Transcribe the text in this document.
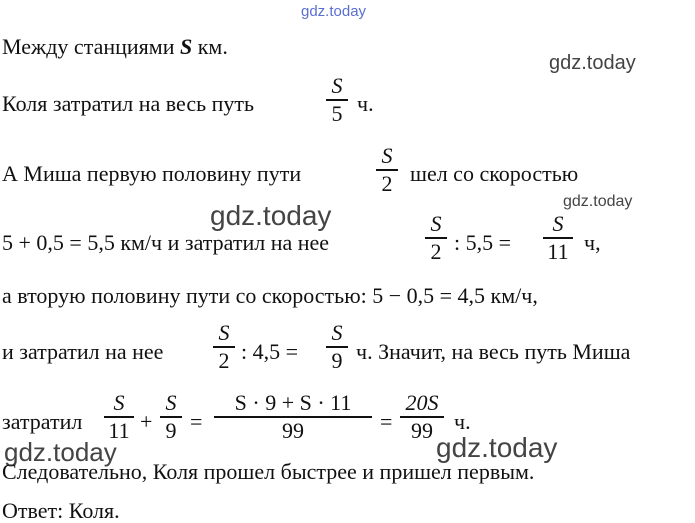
gdz.today
gdz.today
gdz.today	gdz.today
gdz.today
gdz.today
Между станциями S км.
Коля затратил на весь путь
S
5 ч.
А Миша первую половину пути
S
2 шел со скоростью
5 + 0,5 = 5,5 км/ч и затратил на нее
S
2 : 5,5 =
S
11 ч,
а вторую половину пути со скоростью: 5 − 0,5 = 4,5 км/ч,
и затратил на нее
S
2 : 4,5 =
S
9 ч. Значит, на весь путь Миша
затратил
S
11 +
S
9 =
S · 9 + S · 11
99	=
20S
99 ч.
Следовательно, Коля прошел быстрее и пришел первым.
Ответ: Коля.
